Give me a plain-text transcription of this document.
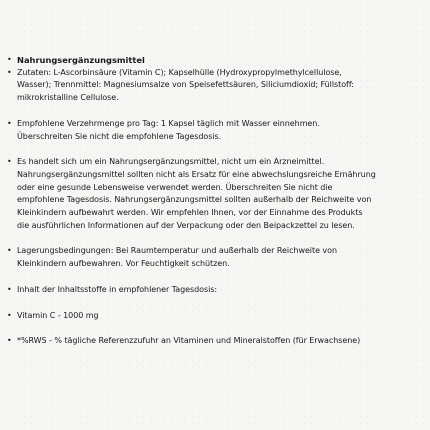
• Nahrungsergänzungsmittel
• Zutaten: L-Ascorbinsäure (Vitamin C); Kapselhülle (Hydroxypropylmethylcellulose, Wasser); Trennmittel: Magnesiumsalze von Speisefettsäuren, Siliciumdioxid; Füllstoff: mikrokristalline Cellulose.
• Empfohlene Verzehrmenge pro Tag: 1 Kapsel täglich mit Wasser einnehmen. Überschreiten Sie nicht die empfohlene Tagesdosis.
• Es handelt sich um ein Nahrungsergänzungsmittel, nicht um ein Arzneimittel. Nahrungsergänzungsmittel sollten nicht als Ersatz für eine abwechslungsreiche Ernährung oder eine gesunde Lebensweise verwendet werden. Überschreiten Sie nicht die empfohlene Tagesdosis. Nahrungsergänzungsmittel sollten außerhalb der Reichweite von Kleinkindern aufbewahrt werden. Wir empfehlen Ihnen, vor der Einnahme des Produkts die ausführlichen Informationen auf der Verpackung oder den Beipackzettel zu lesen.
• Lagerungsbedingungen: Bei Raumtemperatur und außerhalb der Reichweite von Kleinkindern aufbewahren. Vor Feuchtigkeit schützen.
• Inhalt der Inhaltsstoffe in empfohlener Tagesdosis:
• Vitamin C - 1000 mg
• *%RWS - % tägliche Referenzzufuhr an Vitaminen und Mineralstoffen (für Erwachsene)
